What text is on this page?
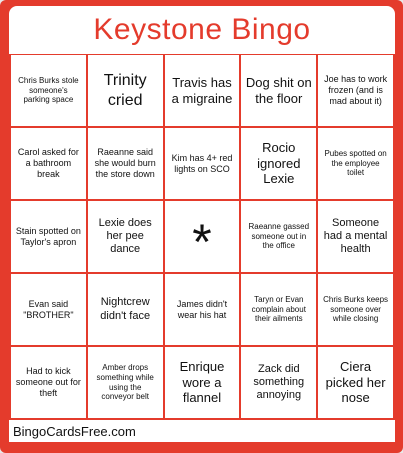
Keystone Bingo
Chris Burks stole someone's parking space
Trinity cried
Travis has a migraine
Dog shit on the floor
Joe has to work frozen (and is mad about it)
Carol asked for a bathroom break
Raeanne said she would burn the store down
Kim has 4+ red lights on SCO
Rocio ignored Lexie
Pubes spotted on the employee toilet
Stain spotted on Taylor's apron
Lexie does her pee dance	*	Raeanne gassed someone out in the office
Someone had a mental health
Evan said "BROTHER"
Nightcrew didn't face
James didn't wear his hat
Taryn or Evan complain about their ailments
Chris Burks keeps someone over while closing
Had to kick someone out for theft
Amber drops something while using the conveyor belt
Enrique wore a flannel
Zack did something annoying
Ciera picked her nose
BingoCardsFree.com
